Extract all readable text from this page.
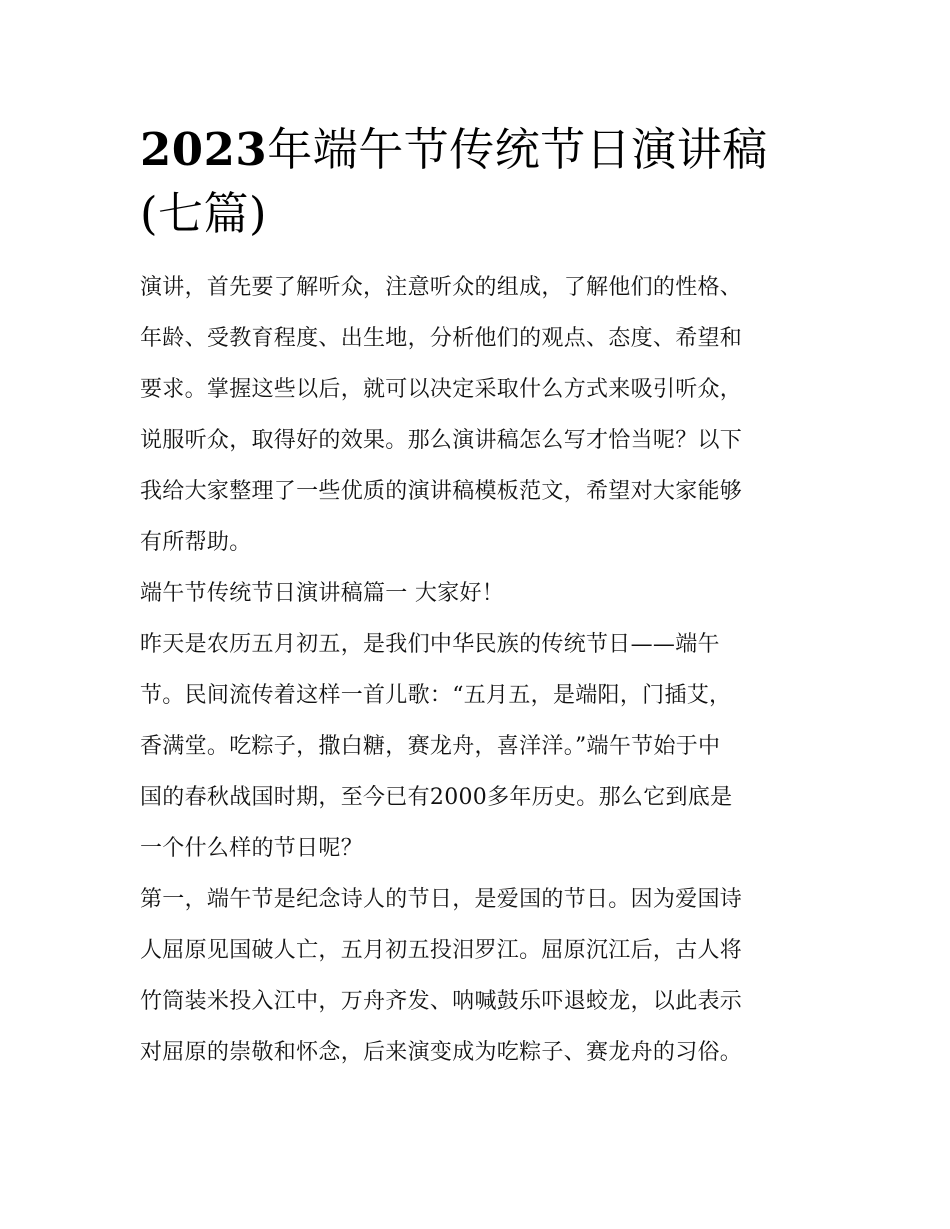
2023年端午节传统节日演讲稿
(七篇)

演讲，首先要了解听众，注意听众的组成，了解他们的性格、
年龄、受教育程度、出生地，分析他们的观点、态度、希望和
要求。掌握这些以后，就可以决定采取什么方式来吸引听众，
说服听众，取得好的效果。那么演讲稿怎么写才恰当呢？以下
我给大家整理了一些优质的演讲稿模板范文，希望对大家能够
有所帮助。

端午节传统节日演讲稿篇一 大家好！

昨天是农历五月初五，是我们中华民族的传统节日——端午
节。民间流传着这样一首儿歌：“五月五，是端阳，门插艾，
香满堂。吃粽子，撒白糖，赛龙舟，喜洋洋。”端午节始于中
国的春秋战国时期，至今已有2000多年历史。那么它到底是
一个什么样的节日呢？

第一，端午节是纪念诗人的节日，是爱国的节日。因为爱国诗
人屈原见国破人亡，五月初五投汨罗江。屈原沉江后，古人将
竹筒装米投入江中，万舟齐发、呐喊鼓乐吓退蛟龙，以此表示
对屈原的崇敬和怀念，后来演变成为吃粽子、赛龙舟的习俗。
